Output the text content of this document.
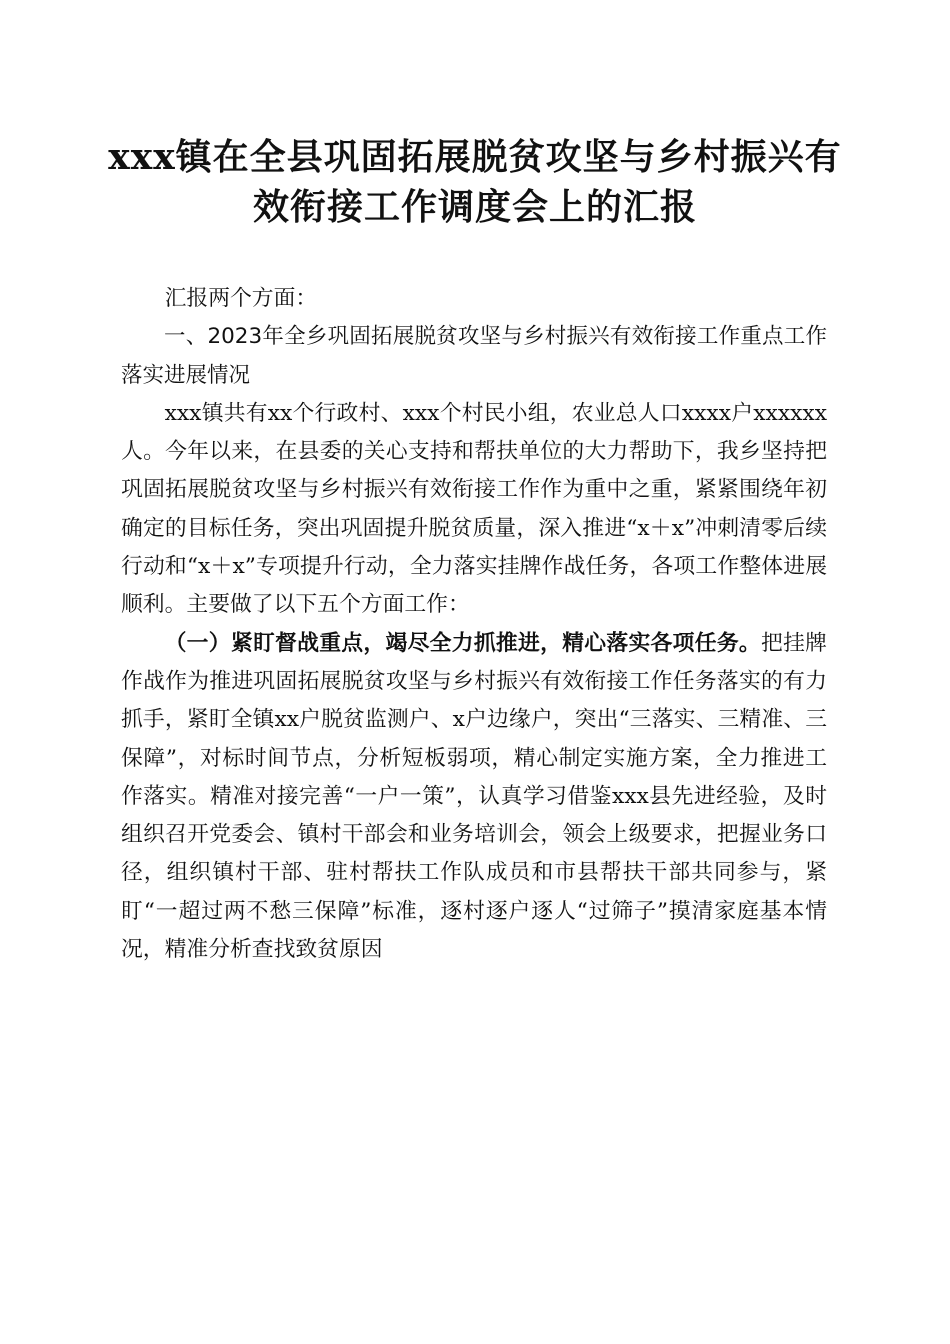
xxx镇在全县巩固拓展脱贫攻坚与乡村振兴有
效衔接工作调度会上的汇报

汇报两个方面：

一、2023年全乡巩固拓展脱贫攻坚与乡村振兴有效衔接工作重点工作落实进展情况

xxx镇共有xx个行政村、xxx个村民小组，农业总人口xxxx户xxxxxx人。今年以来，在县委的关心支持和帮扶单位的大力帮助下，我乡坚持把巩固拓展脱贫攻坚与乡村振兴有效衔接工作作为重中之重，紧紧围绕年初确定的目标任务，突出巩固提升脱贫质量，深入推进“x＋x”冲刺清零后续行动和“x＋x”专项提升行动，全力落实挂牌作战任务，各项工作整体进展顺利。主要做了以下五个方面工作：

（一）紧盯督战重点，竭尽全力抓推进，精心落实各项任务。把挂牌作战作为推进巩固拓展脱贫攻坚与乡村振兴有效衔接工作任务落实的有力抓手，紧盯全镇xx户脱贫监测户、x户边缘户，突出“三落实、三精准、三保障”，对标时间节点，分析短板弱项，精心制定实施方案，全力推进工作落实。精准对接完善“一户一策”，认真学习借鉴xxx县先进经验，及时组织召开党委会、镇村干部会和业务培训会，领会上级要求，把握业务口径，组织镇村干部、驻村帮扶工作队成员和市县帮扶干部共同参与，紧盯“一超过两不愁三保障”标准，逐村逐户逐人“过筛子”摸清家庭基本情况，精准分析查找致贫原因
